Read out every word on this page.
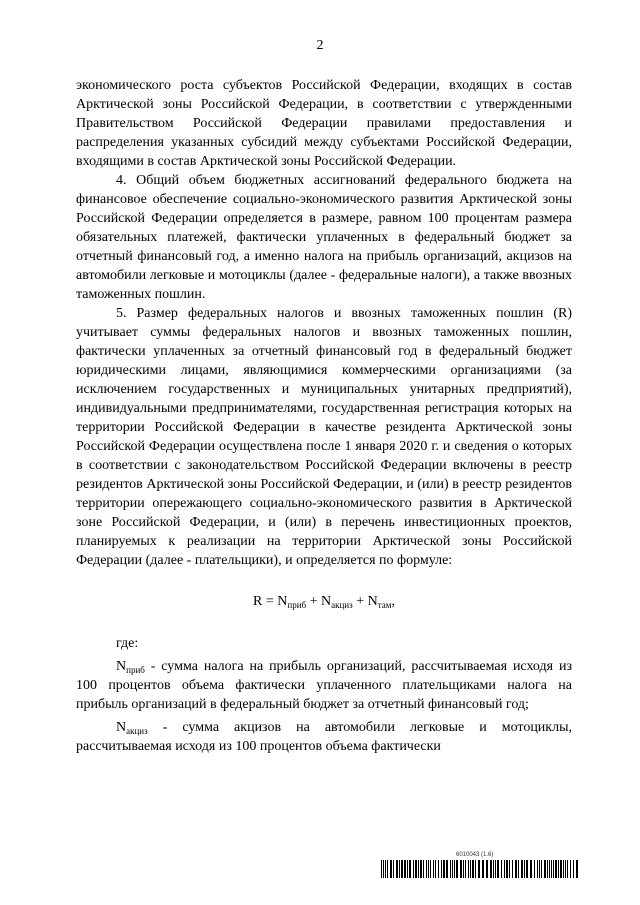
2

экономического роста субъектов Российской Федерации, входящих в состав Арктической зоны Российской Федерации, в соответствии с утвержденными Правительством Российской Федерации правилами предоставления и распределения указанных субсидий между субъектами Российской Федерации, входящими в состав Арктической зоны Российской Федерации.

4. Общий объем бюджетных ассигнований федерального бюджета на финансовое обеспечение социально-экономического развития Арктической зоны Российской Федерации определяется в размере, равном 100 процентам размера обязательных платежей, фактически уплаченных в федеральный бюджет за отчетный финансовый год, а именно налога на прибыль организаций, акцизов на автомобили легковые и мотоциклы (далее - федеральные налоги), а также ввозных таможенных пошлин.

5. Размер федеральных налогов и ввозных таможенных пошлин (R) учитывает суммы федеральных налогов и ввозных таможенных пошлин, фактически уплаченных за отчетный финансовый год в федеральный бюджет юридическими лицами, являющимися коммерческими организациями (за исключением государственных и муниципальных унитарных предприятий), индивидуальными предпринимателями, государственная регистрация которых на территории Российской Федерации в качестве резидента Арктической зоны Российской Федерации осуществлена после 1 января 2020 г. и сведения о которых в соответствии с законодательством Российской Федерации включены в реестр резидентов Арктической зоны Российской Федерации, и (или) в реестр резидентов территории опережающего социально-экономического развития в Арктической зоне Российской Федерации, и (или) в перечень инвестиционных проектов, планируемых к реализации на территории Арктической зоны Российской Федерации (далее - плательщики), и определяется по формуле:

$R = N_{приб} + N_{акциз} + N_{там}$,

где:

$N_{приб}$ - сумма налога на прибыль организаций, рассчитываемая исходя из 100 процентов объема фактически уплаченного плательщиками налога на прибыль организаций в федеральный бюджет за отчетный финансовый год;

$N_{акциз}$ - сумма акцизов на автомобили легковые и мотоциклы, рассчитываемая исходя из 100 процентов объема фактически

6010043 (1.6)
